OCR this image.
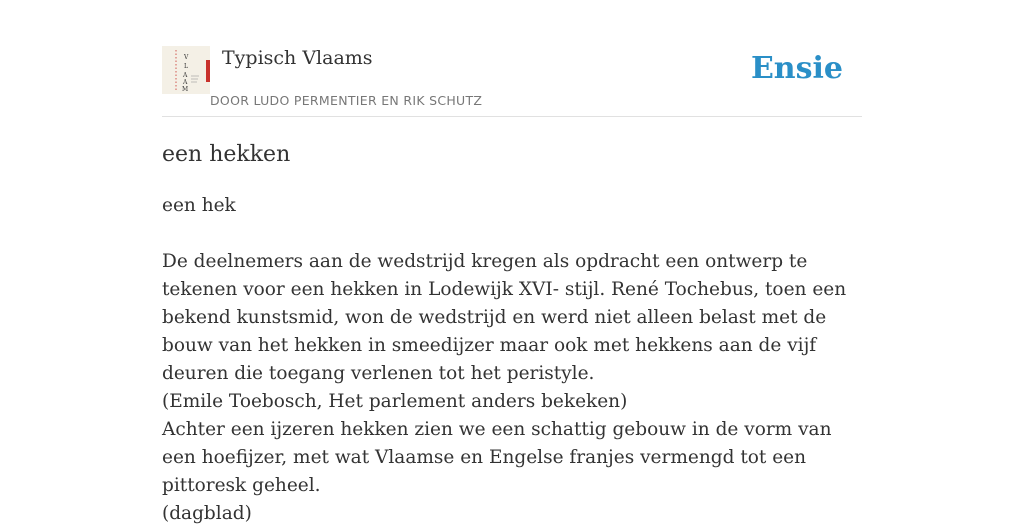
V
L
A
A
M
Typisch Vlaams
DOOR LUDO PERMENTIER EN RIK SCHUTZ
Ensie
een hekken

een hek

De deelnemers aan de wedstrijd kregen als opdracht een ontwerp te tekenen voor een hekken in Lodewijk XVI- stijl. René Tochebus, toen een bekend kunstsmid, won de wedstrijd en werd niet alleen belast met de bouw van het hekken in smeedijzer maar ook met hekkens aan de vijf deuren die toegang verlenen tot het peristyle.

(Emile Toebosch, Het parlement anders bekeken)

Achter een ijzeren hekken zien we een schattig gebouw in de vorm van een hoefijzer, met wat Vlaamse en Engelse franjes vermengd tot een pittoresk geheel.

(dagblad)
